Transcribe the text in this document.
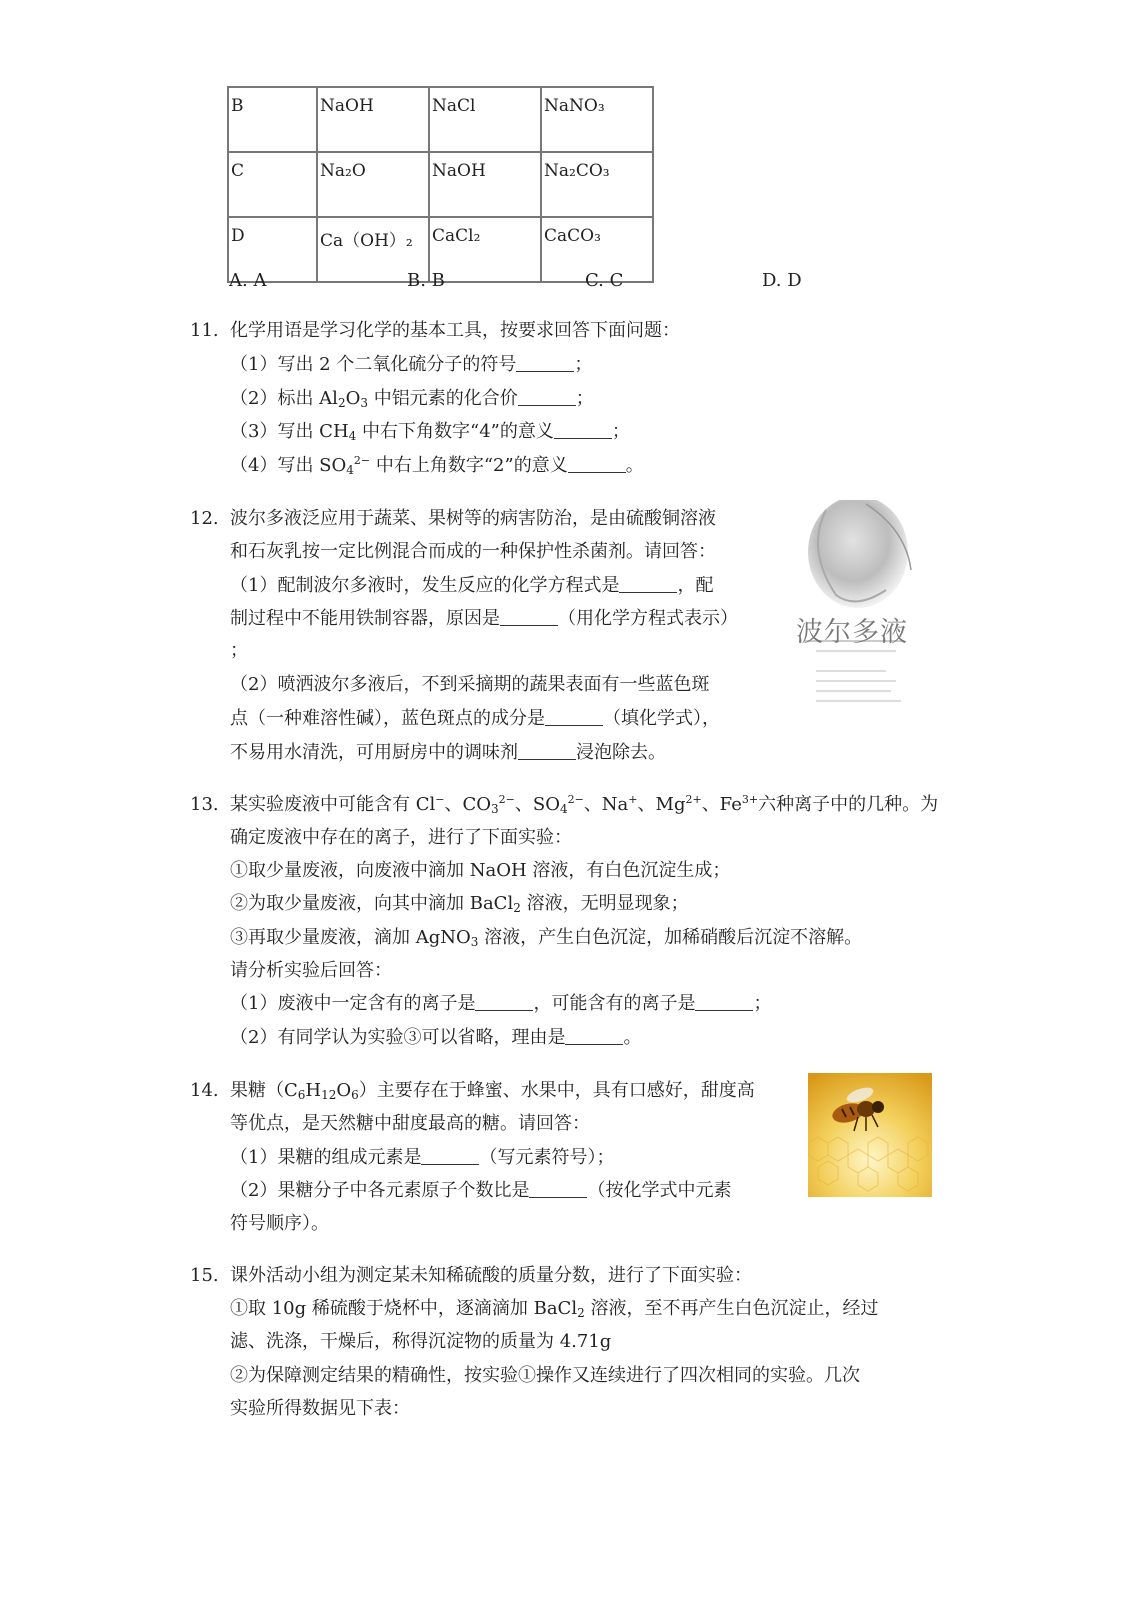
B	NaOH	NaCl	NaNO₃
C	Na₂O	NaOH	Na₂CO₃
D	Ca（OH）₂	CaCl₂	CaCO₃
A. A	B. B	C. C	D. D
11. 化学用语是学习化学的基本工具，按要求回答下面问题：
（1）写出 2 个二氧化硫分子的符号	；
（2）标出 $Al_2O_3$ 中铝元素的化合价	；
（3）写出 $CH_4$ 中右下角数字“4”的意义	；
（4）写出 $SO_4^{2-}$ 中右上角数字“2”的意义	。
12. 波尔多液泛应用于蔬菜、果树等的病害防治，是由硫酸铜溶液
和石灰乳按一定比例混合而成的一种保护性杀菌剂。请回答：
（1）配制波尔多液时，发生反应的化学方程式是	，配
制过程中不能用铁制容器，原因是	（用化学方程式表示）
；
（2）喷洒波尔多液后，不到采摘期的蔬果表面有一些蓝色斑
点（一种难溶性碱），蓝色斑点的成分是	（填化学式），
不易用水清洗，可用厨房中的调味剂	浸泡除去。
波尔多液
13. 某实验废液中可能含有 Cl−、$CO_3^{2-}$、$SO_4^{2-}$、Na+、$Mg^{2+}$、$Fe^{3+}$六种离子中的几种。为
确定废液中存在的离子，进行了下面实验：
①取少量废液，向废液中滴加 NaOH 溶液，有白色沉淀生成；
②为取少量废液，向其中滴加 BaCl$_2$ 溶液，无明显现象；
③再取少量废液，滴加 AgNO$_3$ 溶液，产生白色沉淀，加稀硝酸后沉淀不溶解。
请分析实验后回答：
（1）废液中一定含有的离子是	，可能含有的离子是	；
（2）有同学认为实验③可以省略，理由是	。
14. 果糖$(C_6H_{12}O_6)$主要存在于蜂蜜、水果中，具有口感好，甜度高
等优点，是天然糖中甜度最高的糖。请回答：
（1）果糖的组成元素是	（写元素符号）；
（2）果糖分子中各元素原子个数比是	（按化学式中元素
符号顺序）。
15. 课外活动小组为测定某未知稀硫酸的质量分数，进行了下面实验：
①取 10g 稀硫酸于烧杯中，逐滴滴加 BaCl$_2$ 溶液，至不再产生白色沉淀止，经过
滤、洗涤，干燥后，称得沉淀物的质量为 4.71g
②为保障测定结果的精确性，按实验①操作又连续进行了四次相同的实验。几次
实验所得数据见下表：
